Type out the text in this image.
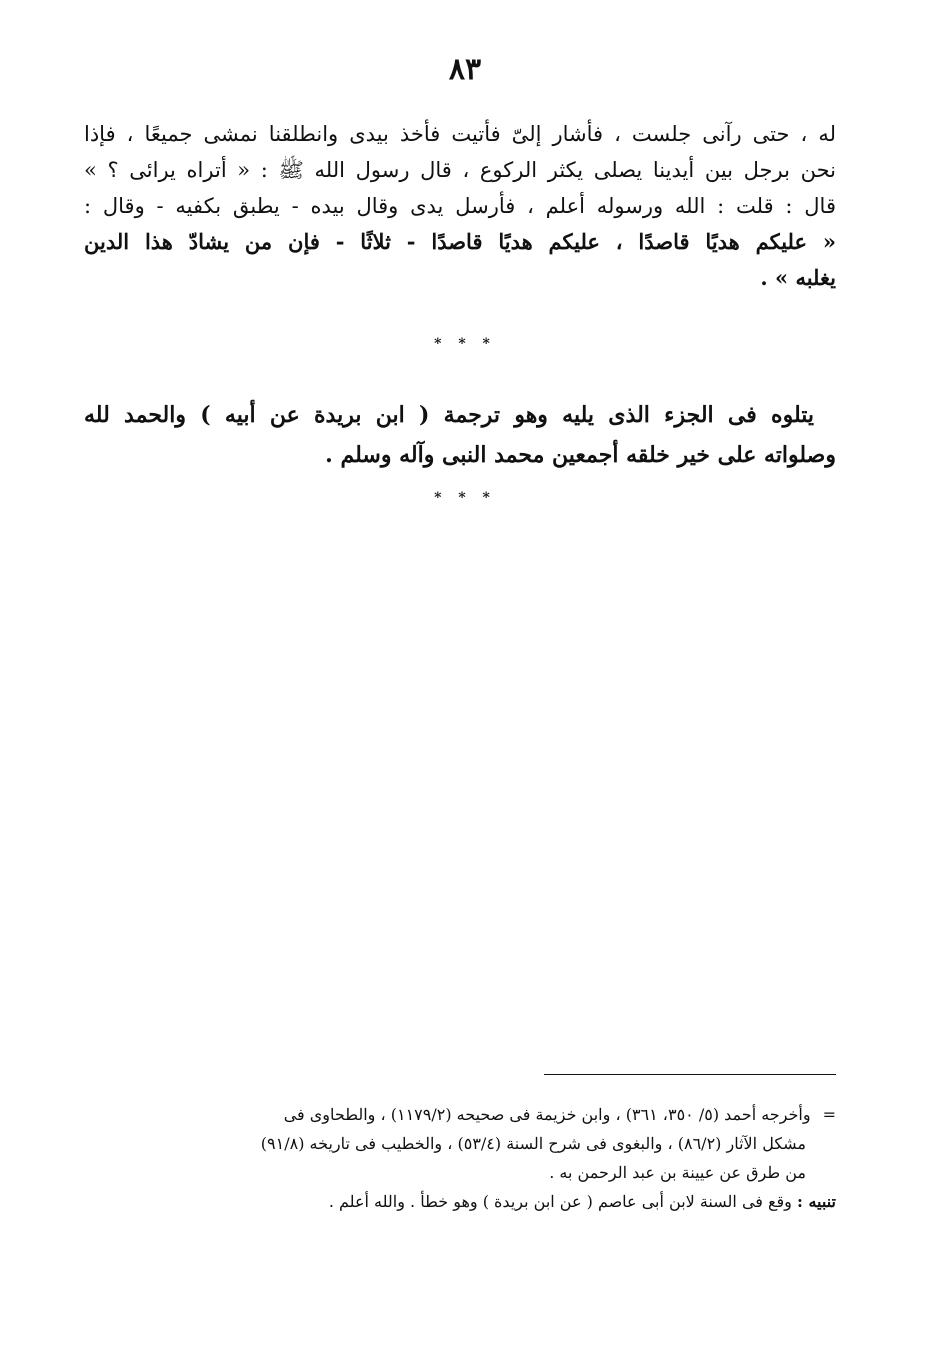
٨٣
له ، حتى رآنى جلست ، فأشار إلىّ فأتيت فأخذ بيدى وانطلقنا نمشى جميعًا ، فإذا
نحن برجل بين أيدينا يصلى يكثر الركوع ، قال رسول الله ﷺ : « أتراه يرائى ؟ »
قال : قلت : الله ورسوله أعلم ، فأرسل يدى وقال بيده - يطبق بكفيه - وقال :
« عليكم هديًا قاصدًا ، عليكم هديًا قاصدًا - ثلاثًا - فإن من يشادّ هذا الدين
يغلبه » .
* * *
يتلوه فى الجزء الذى يليه وهو ترجمة ( ابن بريدة عن أبيه ) والحمد لله
وصلواته على خير خلقه أجمعين محمد النبى وآله وسلم .
* * *
=وأخرجه أحمد (٥/ ٣٥٠، ٣٦١) ، وابن خزيمة فى صحيحه (١١٧٩/٢) ، والطحاوى فى
مشكل الآثار (٨٦/٢) ، والبغوى فى شرح السنة (٥٣/٤) ، والخطيب فى تاريخه (٩١/٨)
من طرق عن عيينة بن عبد الرحمن به .
تنبيه : وقع فى السنة لابن أبى عاصم ( عن ابن بريدة ) وهو خطأ . والله أعلم .
